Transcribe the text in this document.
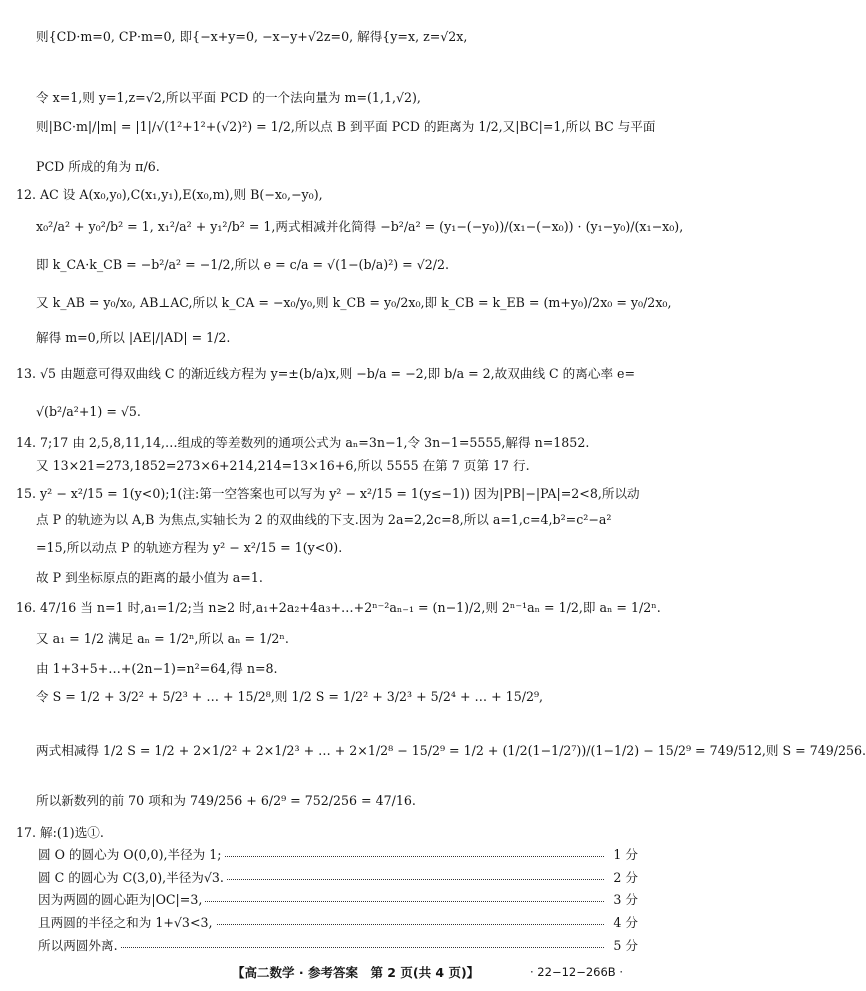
则{CD·m=0, CP·m=0, 即{−x+y=0, −x−y+√2z=0, 解得{y=x, z=√2x,
令 x=1,则 y=1,z=√2,所以平面 PCD 的一个法向量为 m=(1,1,√2),
则|BC·m|/|m| = |1|/√(1²+1²+(√2)²) = 1/2,所以点 B 到平面 PCD 的距离为 1/2,又|BC|=1,所以 BC 与平面
PCD 所成的角为 π/6.
12. AC 设 A(x₀,y₀),C(x₁,y₁),E(x₀,m),则 B(−x₀,−y₀),
x₀²/a² + y₀²/b² = 1, x₁²/a² + y₁²/b² = 1,两式相减并化简得 −b²/a² = (y₁−(−y₀))/(x₁−(−x₀)) · (y₁−y₀)/(x₁−x₀),
即 k_CA·k_CB = −b²/a² = −1/2,所以 e = c/a = √(1−(b/a)²) = √2/2.
又 k_AB = y₀/x₀, AB⊥AC,所以 k_CA = −x₀/y₀,则 k_CB = y₀/2x₀,即 k_CB = k_EB = (m+y₀)/2x₀ = y₀/2x₀,
解得 m=0,所以 |AE|/|AD| = 1/2.
13. √5 由题意可得双曲线 C 的渐近线方程为 y=±(b/a)x,则 −b/a = −2,即 b/a = 2,故双曲线 C 的离心率 e=
√(b²/a²+1) = √5.
14. 7;17 由 2,5,8,11,14,…组成的等差数列的通项公式为 aₙ=3n−1,令 3n−1=5555,解得 n=1852.
又 13×21=273,1852=273×6+214,214=13×16+6,所以 5555 在第 7 页第 17 行.
15. y² − x²/15 = 1(y<0);1(注:第一空答案也可以写为 y² − x²/15 = 1(y≤−1)) 因为|PB|−|PA|=2<8,所以动
点 P 的轨迹为以 A,B 为焦点,实轴长为 2 的双曲线的下支.因为 2a=2,2c=8,所以 a=1,c=4,b²=c²−a²
=15,所以动点 P 的轨迹方程为 y² − x²/15 = 1(y<0).
故 P 到坐标原点的距离的最小值为 a=1.
16. 47/16 当 n=1 时,a₁=1/2;当 n≥2 时,a₁+2a₂+4a₃+…+2ⁿ⁻²aₙ₋₁ = (n−1)/2,则 2ⁿ⁻¹aₙ = 1/2,即 aₙ = 1/2ⁿ.
又 a₁ = 1/2 满足 aₙ = 1/2ⁿ,所以 aₙ = 1/2ⁿ.
由 1+3+5+…+(2n−1)=n²=64,得 n=8.
令 S = 1/2 + 3/2² + 5/2³ + … + 15/2⁸,则 1/2 S = 1/2² + 3/2³ + 5/2⁴ + … + 15/2⁹,
两式相减得 1/2 S = 1/2 + 2×1/2² + 2×1/2³ + … + 2×1/2⁸ − 15/2⁹ = 1/2 + (1/2(1−1/2⁷))/(1−1/2) − 15/2⁹ = 749/512,则 S = 749/256.
所以新数列的前 70 项和为 749/256 + 6/2⁹ = 752/256 = 47/16.
17. 解:(1)选①.
圆 O 的圆心为 O(0,0),半径为 1;	1 分
圆 C 的圆心为 C(3,0),半径为√3.	2 分
因为两圆的圆心距为|OC|=3,	3 分
且两圆的半径之和为 1+√3<3,	4 分
所以两圆外离.	5 分
【高二数学 · 参考答案　第 2 页(共 4 页)】	· 22−12−266B ·
